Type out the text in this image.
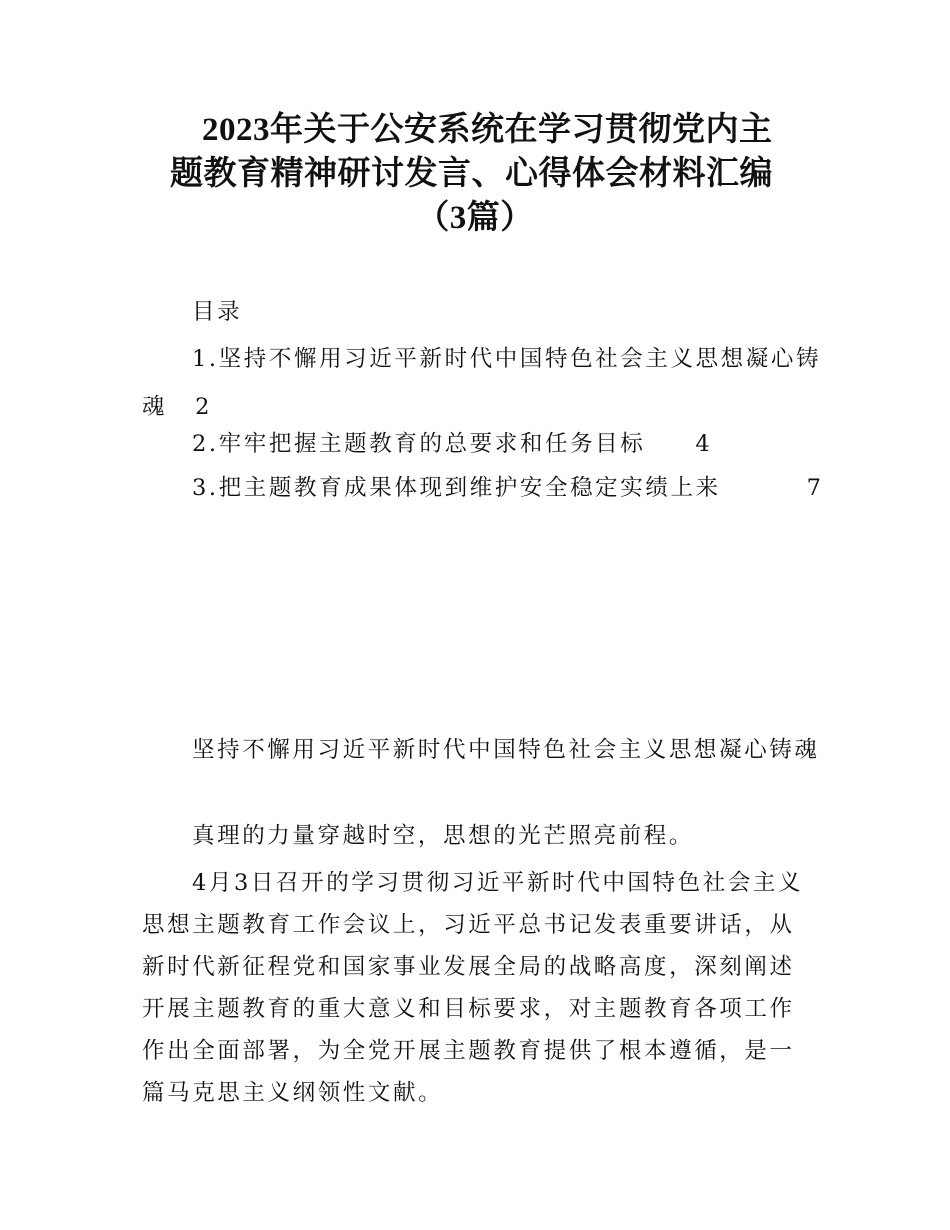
2023年关于公安系统在学习贯彻党内主
题教育精神研讨发言、心得体会材料汇编
（3篇）
目录
1.坚持不懈用习近平新时代中国特色社会主义思想凝心铸
魂 2
2.牢牢把握主题教育的总要求和任务目标 4
3.把主题教育成果体现到维护安全稳定实绩上来	7
坚持不懈用习近平新时代中国特色社会主义思想凝心铸魂
真理的力量穿越时空，思想的光芒照亮前程。
4月3日召开的学习贯彻习近平新时代中国特色社会主义思想主题教育工作会议上，习近平总书记发表重要讲话，从新时代新征程党和国家事业发展全局的战略高度，深刻阐述开展主题教育的重大意义和目标要求，对主题教育各项工作作出全面部署，为全党开展主题教育提供了根本遵循，是一篇马克思主义纲领性文献。
